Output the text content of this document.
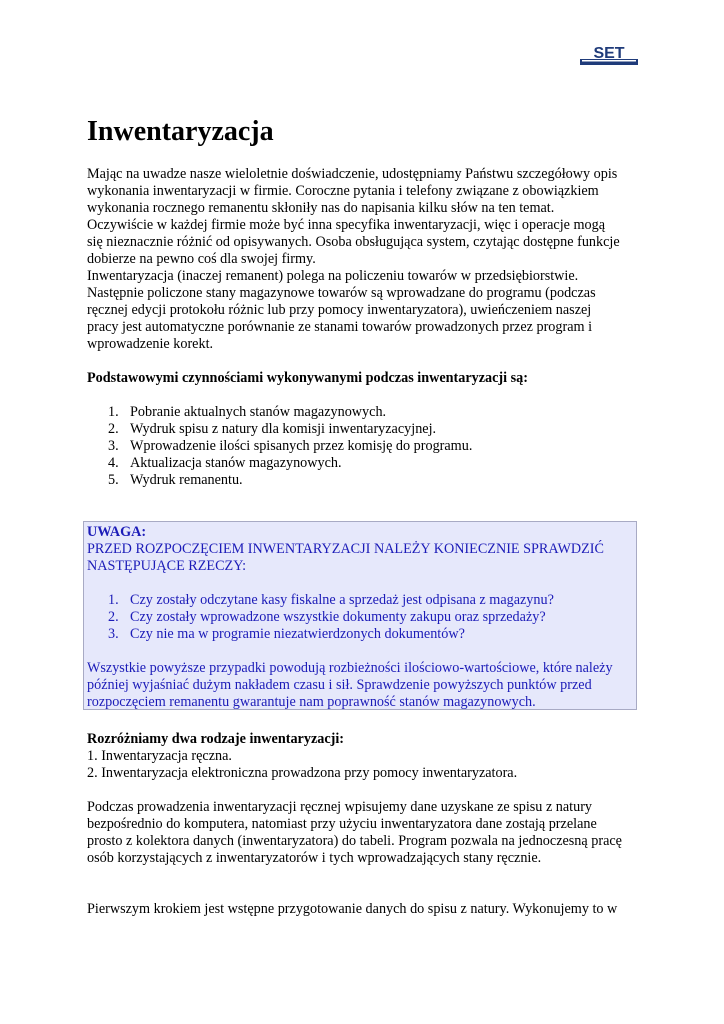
SET
Inwentaryzacja
Mając na uwadze nasze wieloletnie doświadczenie, udostępniamy Państwu szczegółowy opis
wykonania inwentaryzacji w firmie. Coroczne pytania i telefony związane z obowiązkiem
wykonania rocznego remanentu skłoniły nas do napisania kilku słów na ten temat.
Oczywiście w każdej firmie może być inna specyfika inwentaryzacji, więc i operacje mogą
się nieznacznie różnić od opisywanych. Osoba obsługująca system, czytając dostępne funkcje
dobierze na pewno coś dla swojej firmy.
Inwentaryzacja (inaczej remanent) polega na policzeniu towarów w przedsiębiorstwie.
Następnie policzone stany magazynowe towarów są wprowadzane do programu (podczas
ręcznej edycji protokołu różnic lub przy pomocy inwentaryzatora), uwieńczeniem naszej
pracy jest automatyczne porównanie ze stanami towarów prowadzonych przez program i
wprowadzenie korekt.
Podstawowymi czynnościami wykonywanymi podczas inwentaryzacji są:
1. Pobranie aktualnych stanów magazynowych.
2. Wydruk spisu z natury dla komisji inwentaryzacyjnej.
3. Wprowadzenie ilości spisanych przez komisję do programu.
4. Aktualizacja stanów magazynowych.
5. Wydruk remanentu.
UWAGA:
PRZED ROZPOCZĘCIEM INWENTARYZACJI NALEŻY KONIECZNIE SPRAWDZIĆ
NASTĘPUJĄCE RZECZY:
1. Czy zostały odczytane kasy fiskalne a sprzedaż jest odpisana z magazynu?
2. Czy zostały wprowadzone wszystkie dokumenty zakupu oraz sprzedaży?
3. Czy nie ma w programie niezatwierdzonych dokumentów?
Wszystkie powyższe przypadki powodują rozbieżności ilościowo-wartościowe, które należy
później wyjaśniać dużym nakładem czasu i sił. Sprawdzenie powyższych punktów przed
rozpoczęciem remanentu gwarantuje nam poprawność stanów magazynowych.
Rozróżniamy dwa rodzaje inwentaryzacji:
1. Inwentaryzacja ręczna.
2. Inwentaryzacja elektroniczna prowadzona przy pomocy inwentaryzatora.
Podczas prowadzenia inwentaryzacji ręcznej wpisujemy dane uzyskane ze spisu z natury
bezpośrednio do komputera, natomiast przy użyciu inwentaryzatora dane zostają przelane
prosto z kolektora danych (inwentaryzatora) do tabeli. Program pozwala na jednoczesną pracę
osób korzystających z inwentaryzatorów i tych wprowadzających stany ręcznie.
Pierwszym krokiem jest wstępne przygotowanie danych do spisu z natury. Wykonujemy to w
